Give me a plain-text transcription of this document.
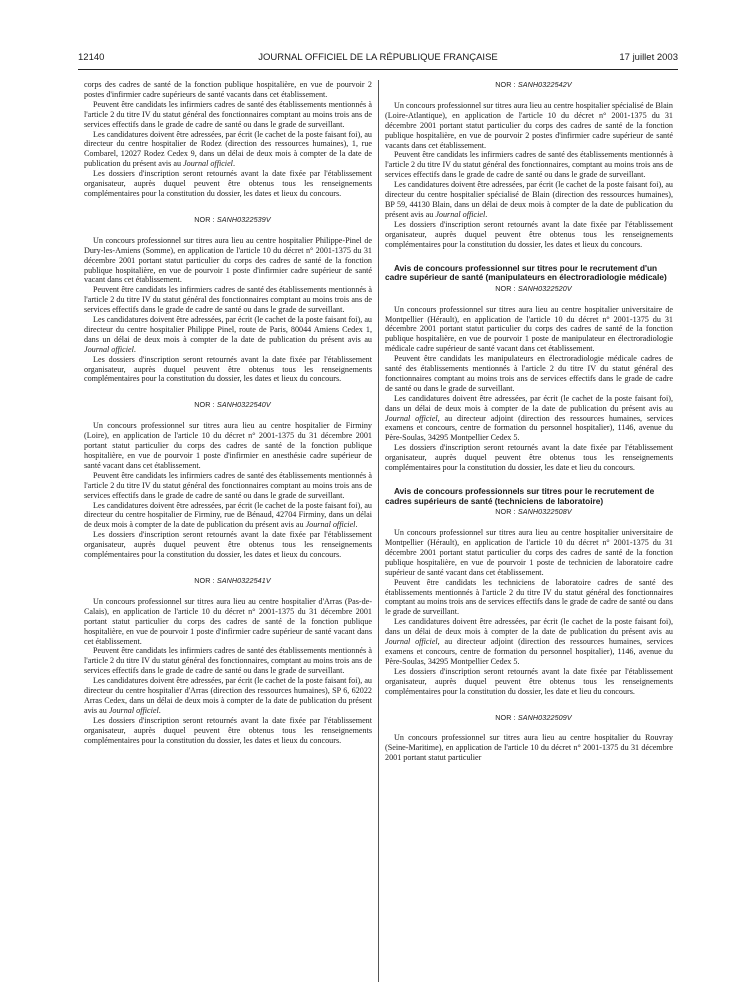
12140	JOURNAL OFFICIEL DE LA RÉPUBLIQUE FRANÇAISE	17 juillet 2003

corps des cadres de santé de la fonction publique hospitalière, en vue de pourvoir 2 postes d'infirmier cadre supérieurs de santé vacants dans cet établissement.

Peuvent être candidats les infirmiers cadres de santé des établissements mentionnés à l'article 2 du titre IV du statut général des fonctionnaires comptant au moins trois ans de services effectifs dans le grade de cadre de santé ou dans le grade de surveillant.

Les candidatures doivent être adressées, par écrit (le cachet de la poste faisant foi), au directeur du centre hospitalier de Rodez (direction des ressources humaines), 1, rue Combarel, 12027 Rodez Cedex 9, dans un délai de deux mois à compter de la date de publication du présent avis au Journal officiel.

Les dossiers d'inscription seront retournés avant la date fixée par l'établissement organisateur, auprès duquel peuvent être obtenus tous les renseignements complémentaires pour la constitution du dossier, les dates et lieux du concours.

NOR : SANH0322539V

Un concours professionnel sur titres aura lieu au centre hospitalier Philippe-Pinel de Dury-les-Amiens (Somme), en application de l'article 10 du décret n° 2001-1375 du 31 décembre 2001 portant statut particulier du corps des cadres de santé de la fonction publique hospitalière, en vue de pourvoir 1 poste d'infirmier cadre supérieur de santé vacant dans cet établissement.

Peuvent être candidats les infirmiers cadres de santé des établissements mentionnés à l'article 2 du titre IV du statut général des fonctionnaires comptant au moins trois ans de services effectifs dans le grade de cadre de santé ou dans le grade de surveillant.

Les candidatures doivent être adressées, par écrit (le cachet de la poste faisant foi), au directeur du centre hospitalier Philippe Pinel, route de Paris, 80044 Amiens Cedex 1, dans un délai de deux mois à compter de la date de publication du présent avis au Journal officiel.

Les dossiers d'inscription seront retournés avant la date fixée par l'établissement organisateur, auprès duquel peuvent être obtenus tous les renseignements complémentaires pour la constitution du dossier, les dates et lieux du concours.

NOR : SANH0322540V

Un concours professionnel sur titres aura lieu au centre hospitalier de Firminy (Loire), en application de l'article 10 du décret n° 2001-1375 du 31 décembre 2001 portant statut particulier du corps des cadres de santé de la fonction publique hospitalière, en vue de pourvoir 1 poste d'infirmier en anesthésie cadre supérieur de santé vacant dans cet établissement.

Peuvent être candidats les infirmiers cadres de santé des établissements mentionnés à l'article 2 du titre IV du statut général des fonctionnaires comptant au moins trois ans de services effectifs dans le grade de cadre de santé ou dans le grade de surveillant.

Les candidatures doivent être adressées, par écrit (le cachet de la poste faisant foi), au directeur du centre hospitalier de Firminy, rue de Bénaud, 42704 Firminy, dans un délai de deux mois à compter de la date de publication du présent avis au Journal officiel.

Les dossiers d'inscription seront retournés avant la date fixée par l'établissement organisateur, auprès duquel peuvent être obtenus tous les renseignements complémentaires pour la constitution du dossier, les dates et lieux du concours.

NOR : SANH0322541V

Un concours professionnel sur titres aura lieu au centre hospitalier d'Arras (Pas-de-Calais), en application de l'article 10 du décret n° 2001-1375 du 31 décembre 2001 portant statut particulier du corps des cadres de santé de la fonction publique hospitalière, en vue de pourvoir 1 poste d'infirmier cadre supérieur de santé vacant dans cet établissement.

Peuvent être candidats les infirmiers cadres de santé des établissements mentionnés à l'article 2 du titre IV du statut général des fonctionnaires, comptant au moins trois ans de services effectifs dans le grade de cadre de santé ou dans le grade de surveillant.

Les candidatures doivent être adressées, par écrit (le cachet de la poste faisant foi), au directeur du centre hospitalier d'Arras (direction des ressources humaines), SP 6, 62022 Arras Cedex, dans un délai de deux mois à compter de la date de publication du présent avis au Journal officiel.

Les dossiers d'inscription seront retournés avant la date fixée par l'établissement organisateur, auprès duquel peuvent être obtenus tous les renseignements complémentaires pour la constitution du dossier, les dates et lieux du concours.

NOR : SANH0322542V

Un concours professionnel sur titres aura lieu au centre hospitalier spécialisé de Blain (Loire-Atlantique), en application de l'article 10 du décret n° 2001-1375 du 31 décembre 2001 portant statut particulier du corps des cadres de santé de la fonction publique hospitalière, en vue de pourvoir 2 postes d'infirmier cadre supérieur de santé vacants dans cet établissement.

Peuvent être candidats les infirmiers cadres de santé des établissements mentionnés à l'article 2 du titre IV du statut général des fonctionnaires, comptant au moins trois ans de services effectifs dans le grade de cadre de santé ou dans le grade de surveillant.

Les candidatures doivent être adressées, par écrit (le cachet de la poste faisant foi), au directeur du centre hospitalier spécialisé de Blain (direction des ressources humaines), BP 59, 44130 Blain, dans un délai de deux mois à compter de la date de publication du présent avis au Journal officiel.

Les dossiers d'inscription seront retournés avant la date fixée par l'établissement organisateur, auprès duquel peuvent être obtenus tous les renseignements complémentaires pour la constitution du dossier, les dates et lieux du concours.

Avis de concours professionnel sur titres pour le recrutement d'un cadre supérieur de santé (manipulateurs en électroradiologie médicale)

NOR : SANH0322520V

Un concours professionnel sur titres aura lieu au centre hospitalier universitaire de Montpellier (Hérault), en application de l'article 10 du décret n° 2001-1375 du 31 décembre 2001 portant statut particulier du corps des cadres de santé de la fonction publique hospitalière, en vue de pourvoir 1 poste de manipulateur en électroradiologie médicale cadre supérieur de santé vacant dans cet établissement.

Peuvent être candidats les manipulateurs en électroradiologie médicale cadres de santé des établissements mentionnés à l'article 2 du titre IV du statut général des fonctionnaires comptant au moins trois ans de services effectifs dans le grade de cadre de santé ou dans le grade de surveillant.

Les candidatures doivent être adressées, par écrit (le cachet de la poste faisant foi), dans un délai de deux mois à compter de la date de publication du présent avis au Journal officiel, au directeur adjoint (direction des ressources humaines, services examens et concours, centre de formation du personnel hospitalier), 1146, avenue du Père-Soulas, 34295 Montpellier Cedex 5.

Les dossiers d'inscription seront retournés avant la date fixée par l'établissement organisateur, auprès duquel peuvent être obtenus tous les renseignements complémentaires pour la constitution du dossier, les date et lieu du concours.

Avis de concours professionnels sur titres pour le recrutement de cadres supérieurs de santé (techniciens de laboratoire)

NOR : SANH0322508V

Un concours professionnel sur titres aura lieu au centre hospitalier universitaire de Montpellier (Hérault), en application de l'article 10 du décret n° 2001-1375 du 31 décembre 2001 portant statut particulier du corps des cadres de santé de la fonction publique hospitalière, en vue de pourvoir 1 poste de technicien de laboratoire cadre supérieur de santé vacant dans cet établissement.

Peuvent être candidats les techniciens de laboratoire cadres de santé des établissements mentionnés à l'article 2 du titre IV du statut général des fonctionnaires comptant au moins trois ans de services effectifs dans le grade de cadre de santé ou dans le grade de surveillant.

Les candidatures doivent être adressées, par écrit (le cachet de la poste faisant foi), dans un délai de deux mois à compter de la date de publication du présent avis au Journal officiel, au directeur adjoint (direction des ressources humaines, services examens et concours, centre de formation du personnel hospitalier), 1146, avenue du Père-Soulas, 34295 Montpellier Cedex 5.

Les dossiers d'inscription seront retournés avant la date fixée par l'établissement organisateur, auprès duquel peuvent être obtenus tous les renseignements complémentaires pour la constitution du dossier, les date et lieu du concours.

NOR : SANH0322509V

Un concours professionnel sur titres aura lieu au centre hospitalier du Rouvray (Seine-Maritime), en application de l'article 10 du décret n° 2001-1375 du 31 décembre 2001 portant statut particulier
